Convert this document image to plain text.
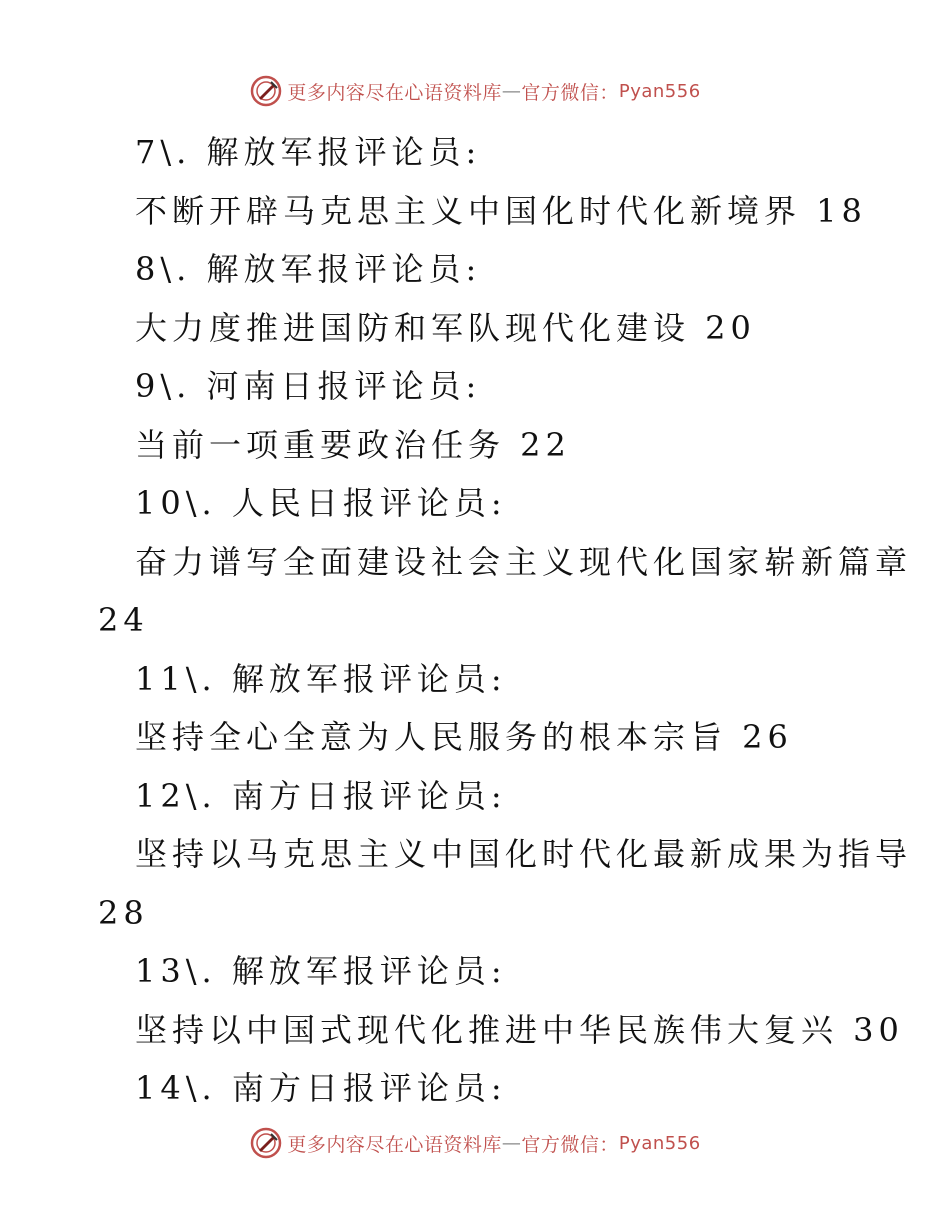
更多内容尽在心语资料库 — 官方微信： Pyan556
7\. 解放军报评论员:
不断开辟马克思主义中国化时代化新境界 18
8\. 解放军报评论员:
大力度推进国防和军队现代化建设 20
9\. 河南日报评论员:
当前一项重要政治任务 22
10\. 人民日报评论员:
奋力谱写全面建设社会主义现代化国家崭新篇章
24
11\. 解放军报评论员:
坚持全心全意为人民服务的根本宗旨 26
12\. 南方日报评论员:
坚持以马克思主义中国化时代化最新成果为指导
28
13\. 解放军报评论员:
坚持以中国式现代化推进中华民族伟大复兴 30
14\. 南方日报评论员:
更多内容尽在心语资料库 — 官方微信： Pyan556
